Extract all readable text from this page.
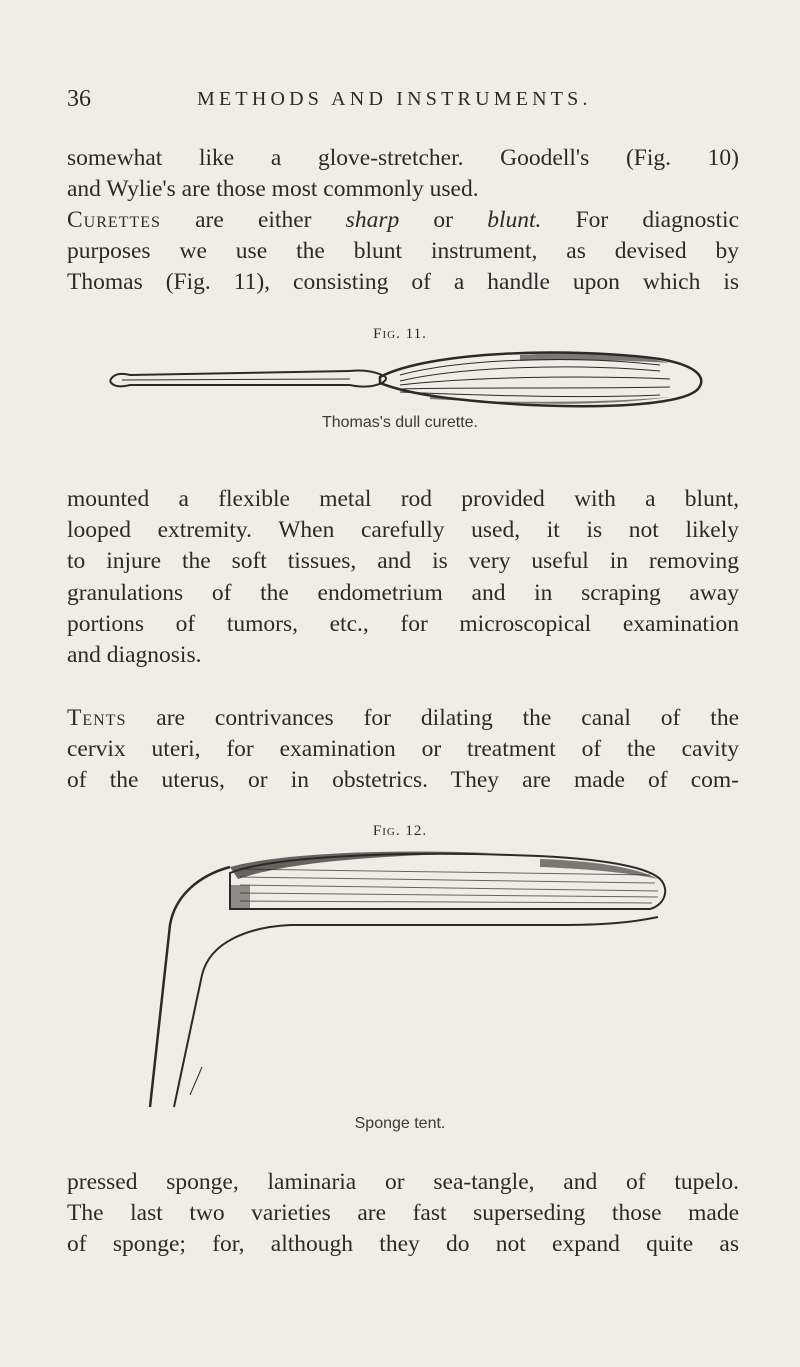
36	METHODS AND INSTRUMENTS.
somewhat like a glove-stretcher. Goodell's (Fig. 10)
and Wylie's are those most commonly used.
Curettes are either sharp or blunt. For diagnostic
purposes we use the blunt instrument, as devised by
Thomas (Fig. 11), consisting of a handle upon which is
Fig. 11.
Thomas's dull curette.
mounted a flexible metal rod provided with a blunt,
looped extremity. When carefully used, it is not likely
to injure the soft tissues, and is very useful in removing
granulations of the endometrium and in scraping away
portions of tumors, etc., for microscopical examination
and diagnosis.
Tents are contrivances for dilating the canal of the
cervix uteri, for examination or treatment of the cavity
of the uterus, or in obstetrics. They are made of com-
Fig. 12.
Sponge tent.
pressed sponge, laminaria or sea-tangle, and of tupelo.
The last two varieties are fast superseding those made
of sponge; for, although they do not expand quite as
